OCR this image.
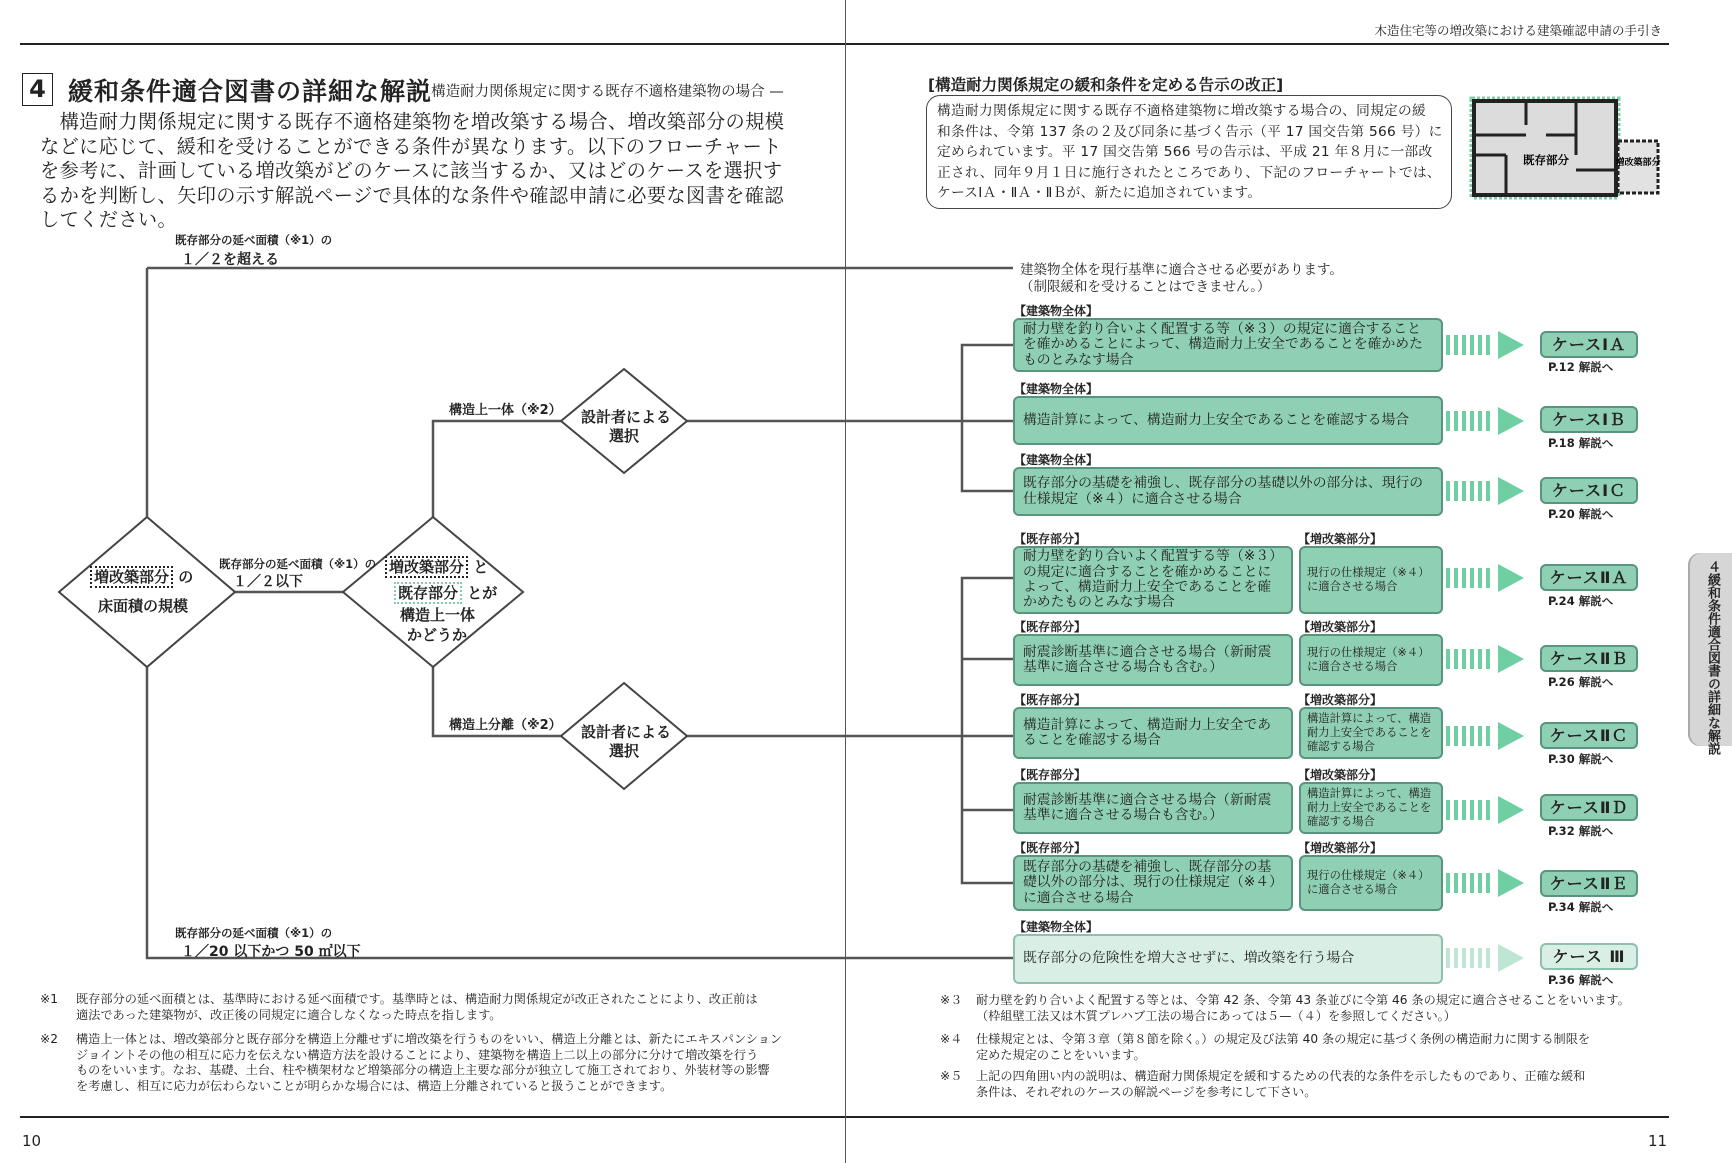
木造住宅等の増改築における建築確認申請の手引き
4 緩和条件適合図書の詳細な解説
— 構造耐力関係規定に関する既存不適格建築物の場合 —
　構造耐力関係規定に関する既存不適格建築物を増改築する場合、増改築部分の規模
などに応じて、緩和を受けることができる条件が異なります。以下のフローチャート
を参考に、計画している増改築がどのケースに該当するか、又はどのケースを選択す
るかを判断し、矢印の示す解説ページで具体的な条件や確認申請に必要な図書を確認
してください。
[構造耐力関係規定の緩和条件を定める告示の改正]
構造耐力関係規定に関する既存不適格建築物に増改築する場合の、同規定の緩
和条件は、令第 137 条の２及び同条に基づく告示（平 17 国交告第 566 号）に
定められています。平 17 国交告第 566 号の告示は、平成 21 年８月に一部改
正され、同年９月１日に施行されたところであり、下記のフローチャートでは、
ケースⅠＡ・ⅡＡ・ⅡＢが、新たに追加されています。
既存部分	増改築部分
増改築部分 の
床面積の規模
増改築部分 と
既存部分 とが
構造上一体
かどうか
設計者による
選択
設計者による
選択
既存部分の延べ面積（※1）の
１／２を超える
既存部分の延べ面積（※1）の
１／２以下
既存部分の延べ面積（※1）の
１／20 以下かつ 50 ㎡以下
構造上一体（※2）
構造上分離（※2）
建築物全体を現行基準に適合させる必要があります。
（制限緩和を受けることはできません。）
【建築物全体】
耐力壁を釣り合いよく配置する等（※３）の規定に適合することを確かめることによって、構造耐力上安全であることを確かめたものとみなす場合
ケースⅠＡ
P.12 解説へ
【建築物全体】
構造計算によって、構造耐力上安全であることを確認する場合	ケースⅠＢ
P.18 解説へ
【建築物全体】
既存部分の基礎を補強し、既存部分の基礎以外の部分は、現行の仕様規定（※４）に適合させる場合	ケースⅠＣ
P.20 解説へ
【既存部分】	【増改築部分】
耐力壁を釣り合いよく配置する等（※３）の規定に適合することを確かめることによって、構造耐力上安全であることを確かめたものとみなす場合
現行の仕様規定（※４）に適合させる場合	ケースⅡＡ
P.24 解説へ
【既存部分】	【増改築部分】
耐震診断基準に適合させる場合（新耐震基準に適合させる場合も含む。）
現行の仕様規定（※４）に適合させる場合	ケースⅡＢ
P.26 解説へ
【既存部分】	【増改築部分】
構造計算によって、構造耐力上安全であることを確認する場合
構造計算によって、構造耐力上安全であることを確認する場合
ケースⅡＣ
P.30 解説へ
【既存部分】	【増改築部分】
耐震診断基準に適合させる場合（新耐震基準に適合させる場合も含む。）
構造計算によって、構造耐力上安全であることを確認する場合
ケースⅡＤ
P.32 解説へ
【既存部分】	【増改築部分】
既存部分の基礎を補強し、既存部分の基礎以外の部分は、現行の仕様規定（※４）に適合させる場合
現行の仕様規定（※４）に適合させる場合	ケースⅡＥ
P.34 解説へ
【建築物全体】
既存部分の危険性を増大させずに、増改築を行う場合	ケース Ⅲ
P.36 解説へ
※1 既存部分の延べ面積とは、基準時における延べ面積です。基準時とは、構造耐力関係規定が改正されたことにより、改正前は
適法であった建築物が、改正後の同規定に適合しなくなった時点を指します。
※2 構造上一体とは、増改築部分と既存部分を構造上分離せずに増改築を行うものをいい、構造上分離とは、新たにエキスパンション
ジョイントその他の相互に応力を伝えない構造方法を設けることにより、建築物を構造上二以上の部分に分けて増改築を行う
ものをいいます。なお、基礎、土台、柱や横架材など増築部分の構造上主要な部分が独立して施工されており、外装材等の影響
を考慮し、相互に応力が伝わらないことが明らかな場合には、構造上分離されていると扱うことができます。
※３ 耐力壁を釣り合いよく配置する等とは、令第 42 条、令第 43 条並びに令第 46 条の規定に適合させることをいいます。
（枠組壁工法又は木質プレハブ工法の場合にあっては５—（４）を参照してください。）
※４ 仕様規定とは、令第３章（第８節を除く。）の規定及び法第 40 条の規定に基づく条例の構造耐力に関する制限を
定めた規定のことをいいます。
※５ 上記の四角囲い内の説明は、構造耐力関係規定を緩和するための代表的な条件を示したものであり、正確な緩和
条件は、それぞれのケースの解説ページを参考にして下さい。
４緩和条件適合図書の詳細な解説
10	11
